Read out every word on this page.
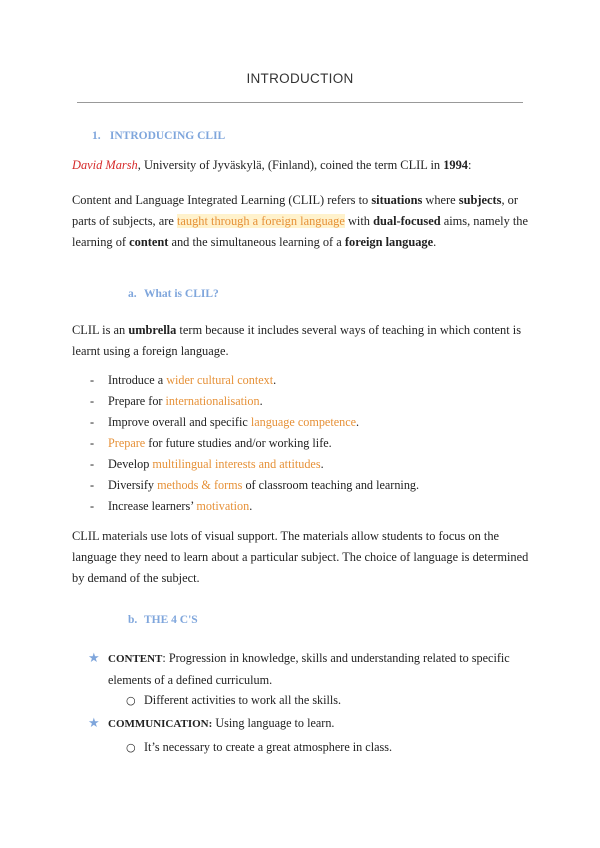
INTRODUCTION
1. INTRODUCING CLIL
David Marsh, University of Jyväskylä, (Finland), coined the term CLIL in 1994:
Content and Language Integrated Learning (CLIL) refers to situations where subjects, or
parts of subjects, are taught through a foreign language with dual-focused aims, namely the
learning of content and the simultaneous learning of a foreign language.
a. What is CLIL?
CLIL is an umbrella term because it includes several ways of teaching in which content is
learnt using a foreign language.
- Introduce a wider cultural context.
- Prepare for internationalisation.
- Improve overall and specific language competence.
- Prepare for future studies and/or working life.
- Develop multilingual interests and attitudes.
- Diversify methods & forms of classroom teaching and learning.
- Increase learners’ motivation.
CLIL materials use lots of visual support. The materials allow students to focus on the
language they need to learn about a particular subject. The choice of language is determined
by demand of the subject.
b. THE 4 C'S
★ CONTENT: Progression in knowledge, skills and understanding related to specific
elements of a defined curriculum.
○ Different activities to work all the skills.
★ COMMUNICATION: Using language to learn.
○ It’s necessary to create a great atmosphere in class.
